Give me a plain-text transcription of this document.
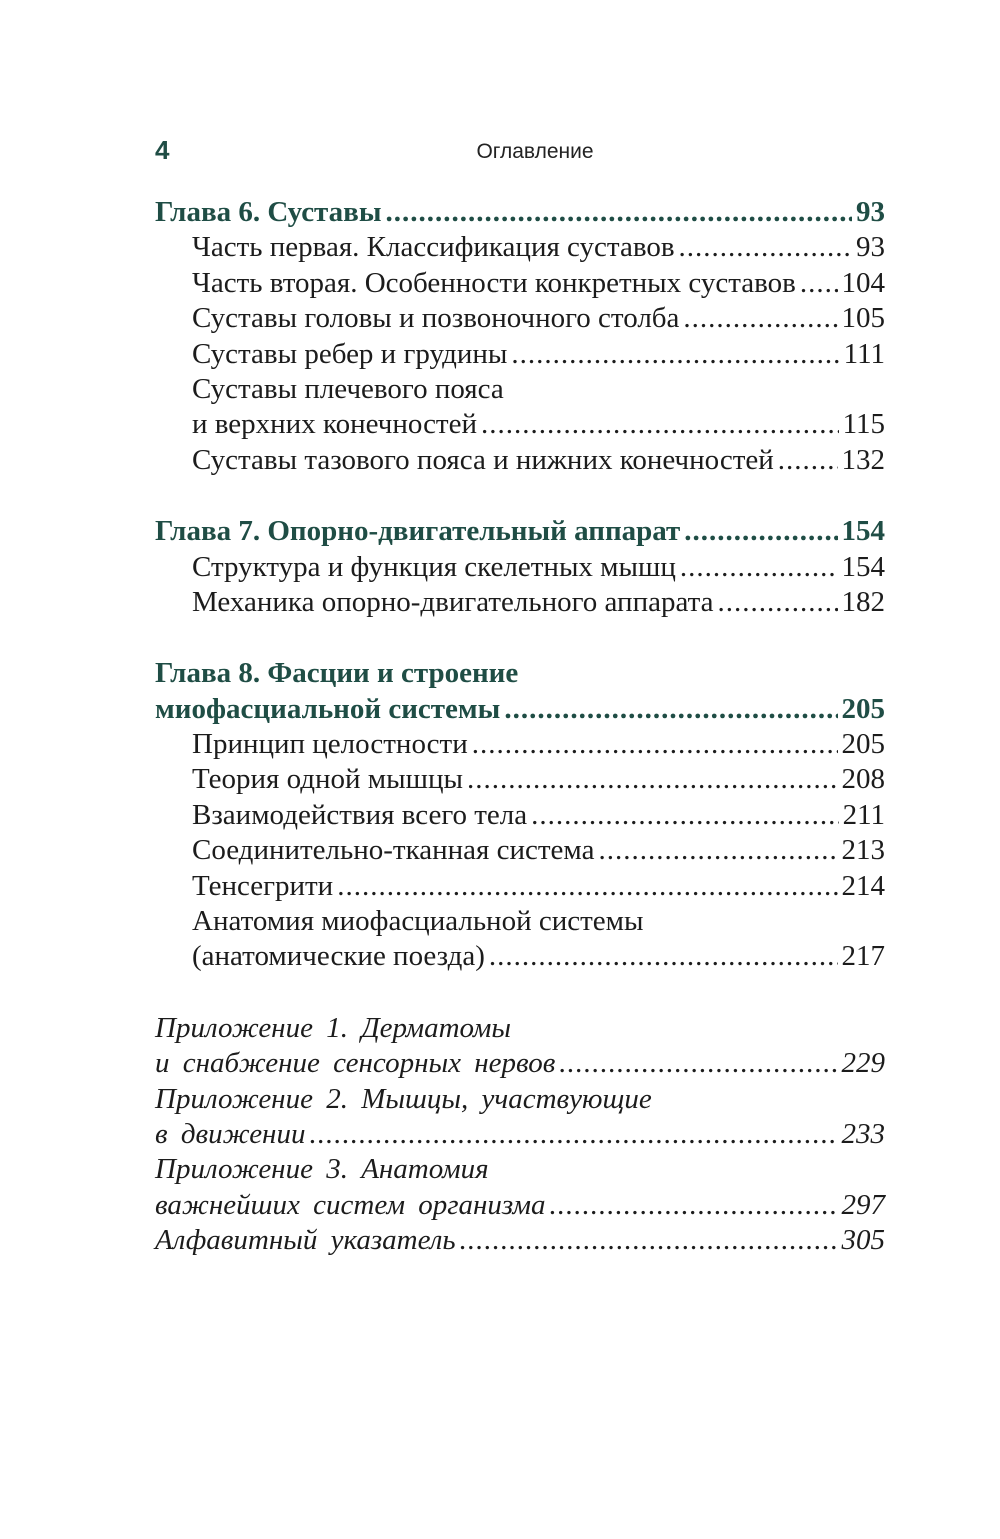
4	Оглавление
Глава 6. Суставы .....	93
Часть первая. Классификация суставов .....	93
Часть вторая. Особенности конкретных суставов ..... 104
Суставы головы и позвоночного столба .....	105
Суставы ребер и грудины .....	111
Суставы плечевого пояса
и верхних конечностей .....	115
Суставы тазового пояса и нижних конечностей ..... 132
Глава 7. Опорно-двигательный аппарат .....	154
Структура и функция скелетных мышц .....	154
Механика опорно-двигательного аппарата .....	182
Глава 8. Фасции и строение
миофасциальной системы .....	205
Принцип целостности .....	205
Теория одной мышцы .....	208
Взаимодействия всего тела .....	211
Соединительно-тканная система .....	213
Тенсегрити .....	214
Анатомия миофасциальной системы
(анатомические поезда) .....	217
Приложение 1. Дерматомы
и снабжение сенсорных нервов .....	229
Приложение 2. Мышцы, участвующие
в движении .....	233
Приложение 3. Анатомия
важнейших систем организма .....	297
Алфавитный указатель .....	305
